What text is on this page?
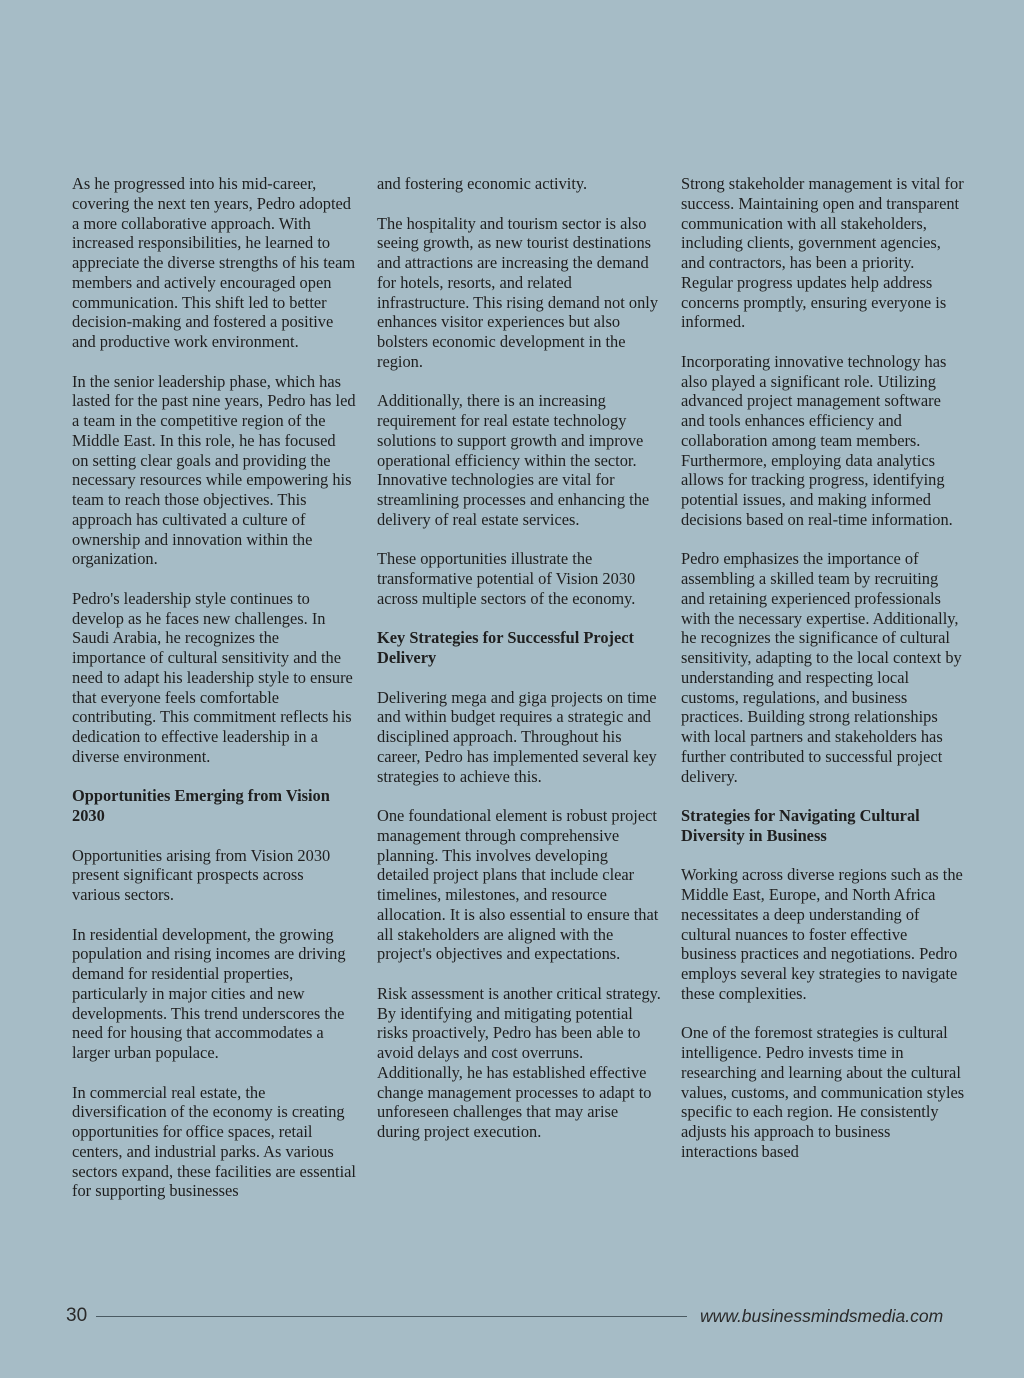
As he progressed into his mid-career, covering the next ten years, Pedro adopted a more collaborative approach. With increased responsibilities, he learned to appreciate the diverse strengths of his team members and actively encouraged open communication. This shift led to better decision-making and fostered a positive and productive work environment.

In the senior leadership phase, which has lasted for the past nine years, Pedro has led a team in the competitive region of the Middle East. In this role, he has focused on setting clear goals and providing the necessary resources while empowering his team to reach those objectives. This approach has cultivated a culture of ownership and innovation within the organization.

Pedro's leadership style continues to develop as he faces new challenges. In Saudi Arabia, he recognizes the importance of cultural sensitivity and the need to adapt his leadership style to ensure that everyone feels comfortable contributing. This commitment reflects his dedication to effective leadership in a diverse environment.

Opportunities Emerging from Vision 2030

Opportunities arising from Vision 2030 present significant prospects across various sectors.

In residential development, the growing population and rising incomes are driving demand for residential properties, particularly in major cities and new developments. This trend underscores the need for housing that accommodates a larger urban populace.

In commercial real estate, the diversification of the economy is creating opportunities for office spaces, retail centers, and industrial parks. As various sectors expand, these facilities are essential for supporting businesses

and fostering economic activity.

The hospitality and tourism sector is also seeing growth, as new tourist destinations and attractions are increasing the demand for hotels, resorts, and related infrastructure. This rising demand not only enhances visitor experiences but also bolsters economic development in the region.

Additionally, there is an increasing requirement for real estate technology solutions to support growth and improve operational efficiency within the sector. Innovative technologies are vital for streamlining processes and enhancing the delivery of real estate services.

These opportunities illustrate the transformative potential of Vision 2030 across multiple sectors of the economy.

Key Strategies for Successful Project Delivery

Delivering mega and giga projects on time and within budget requires a strategic and disciplined approach. Throughout his career, Pedro has implemented several key strategies to achieve this.

One foundational element is robust project management through comprehensive planning. This involves developing detailed project plans that include clear timelines, milestones, and resource allocation. It is also essential to ensure that all stakeholders are aligned with the project's objectives and expectations.

Risk assessment is another critical strategy. By identifying and mitigating potential risks proactively, Pedro has been able to avoid delays and cost overruns. Additionally, he has established effective change management processes to adapt to unforeseen challenges that may arise during project execution.

Strong stakeholder management is vital for success. Maintaining open and transparent communication with all stakeholders, including clients, government agencies, and contractors, has been a priority. Regular progress updates help address concerns promptly, ensuring everyone is informed.

Incorporating innovative technology has also played a significant role. Utilizing advanced project management software and tools enhances efficiency and collaboration among team members. Furthermore, employing data analytics allows for tracking progress, identifying potential issues, and making informed decisions based on real-time information.

Pedro emphasizes the importance of assembling a skilled team by recruiting and retaining experienced professionals with the necessary expertise. Additionally, he recognizes the significance of cultural sensitivity, adapting to the local context by understanding and respecting local customs, regulations, and business practices. Building strong relationships with local partners and stakeholders has further contributed to successful project delivery.

Strategies for Navigating Cultural Diversity in Business

Working across diverse regions such as the Middle East, Europe, and North Africa necessitates a deep understanding of cultural nuances to foster effective business practices and negotiations. Pedro employs several key strategies to navigate these complexities.

One of the foremost strategies is cultural intelligence. Pedro invests time in researching and learning about the cultural values, customs, and communication styles specific to each region. He consistently adjusts his approach to business interactions based

30	www.businessmindsmedia.com
